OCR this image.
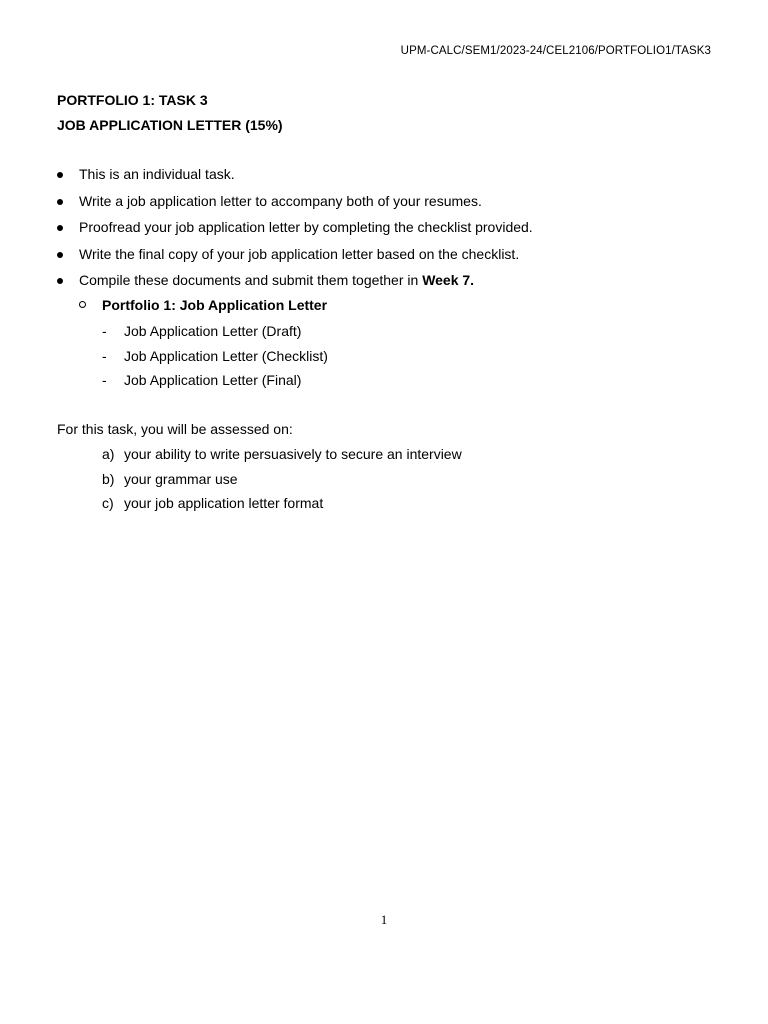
UPM-CALC/SEM1/2023-24/CEL2106/PORTFOLIO1/TASK3
PORTFOLIO 1: TASK 3
JOB APPLICATION LETTER (15%)
This is an individual task.
Write a job application letter to accompany both of your resumes.
Proofread your job application letter by completing the checklist provided.
Write the final copy of your job application letter based on the checklist.
Compile these documents and submit them together in Week 7.
Portfolio 1: Job Application Letter
- Job Application Letter (Draft)
- Job Application Letter (Checklist)
- Job Application Letter (Final)
For this task, you will be assessed on:
a) your ability to write persuasively to secure an interview
b) your grammar use
c) your job application letter format
1
